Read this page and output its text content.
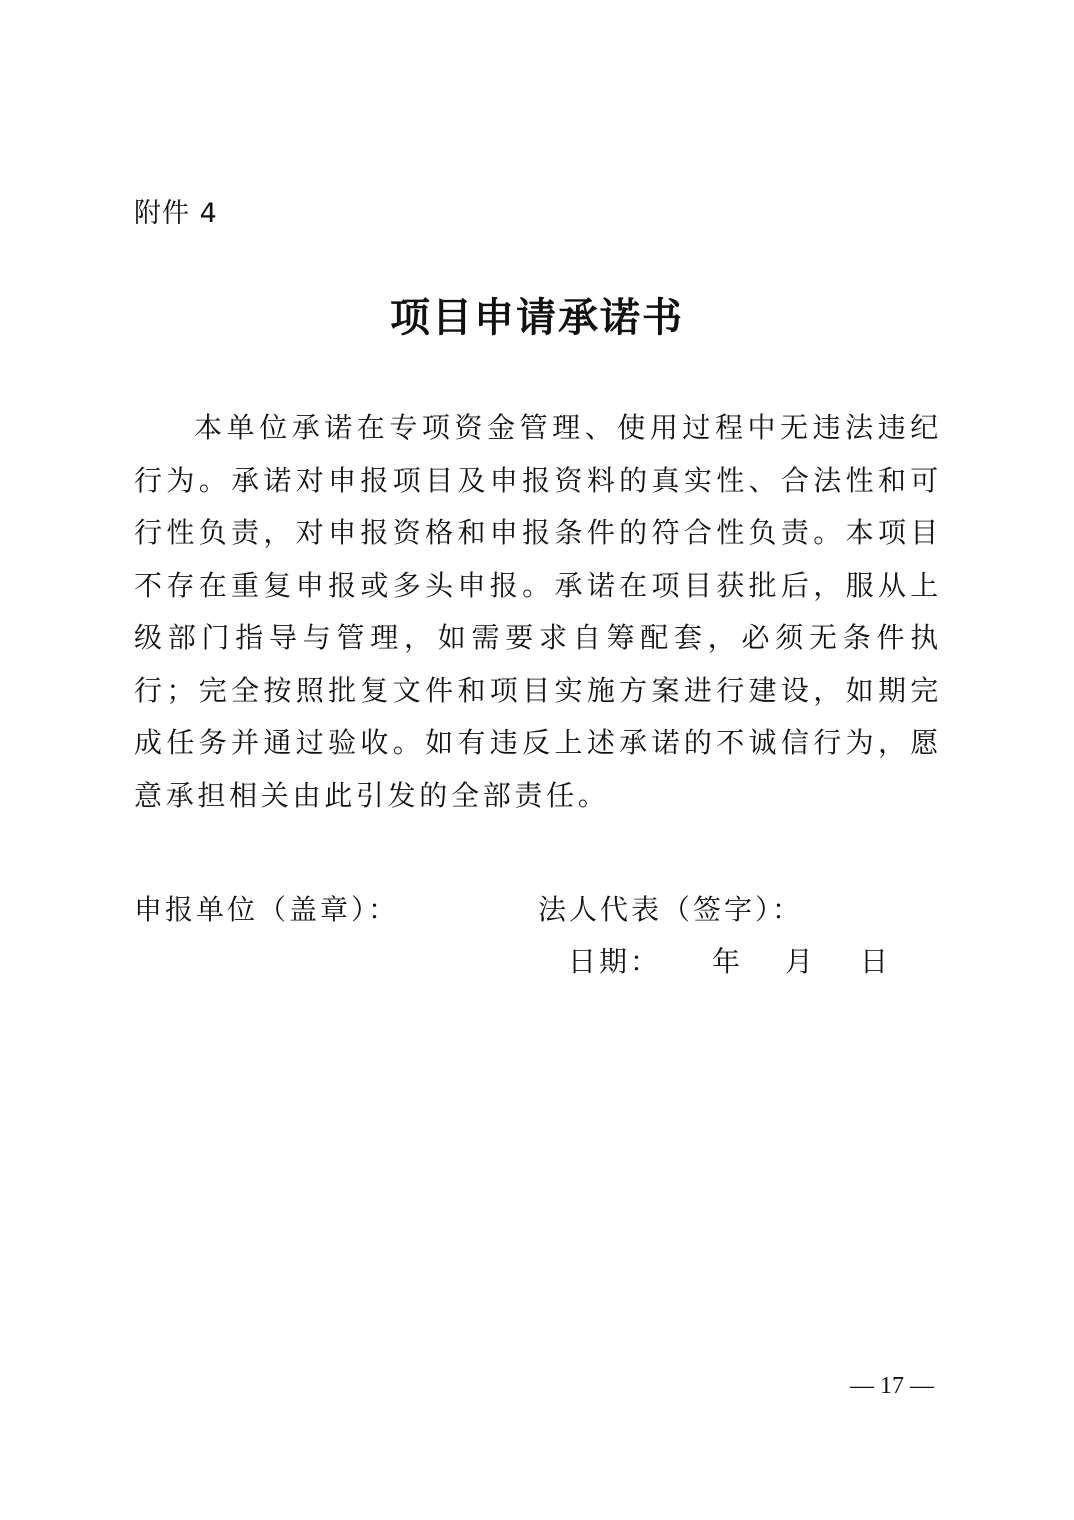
附件 4
项目申请承诺书

本单位承诺在专项资金管理、使用过程中无违法违纪行为。承诺对申报项目及申报资料的真实性、合法性和可行性负责，对申报资格和申报条件的符合性负责。本项目不存在重复申报或多头申报。承诺在项目获批后，服从上级部门指导与管理，如需要求自筹配套，必须无条件执行；完全按照批复文件和项目实施方案进行建设，如期完成任务并通过验收。如有违反上述承诺的不诚信行为，愿意承担相关由此引发的全部责任。

申报单位（盖章）：	法人代表（签字）：
日期： 年 月 日
— 17 —
